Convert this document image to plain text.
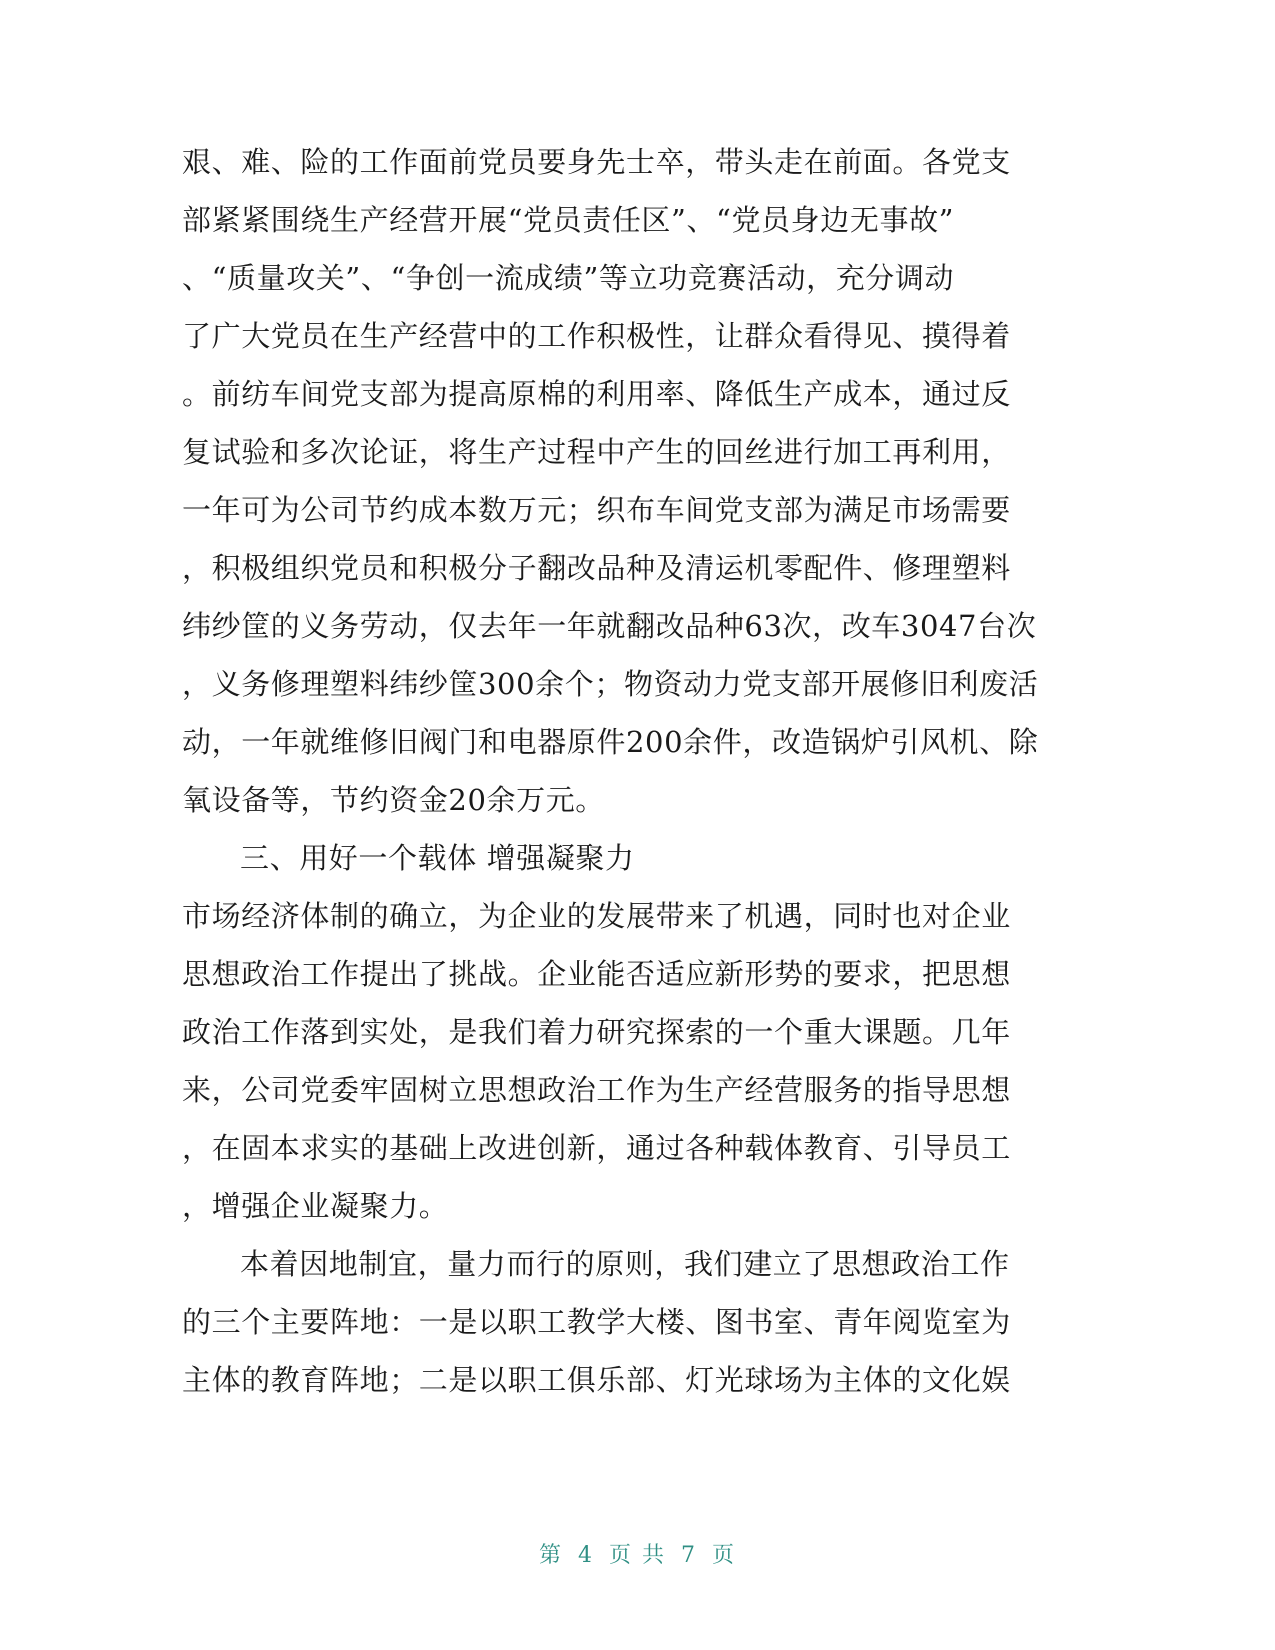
艰、难、险的工作面前党员要身先士卒，带头走在前面。各党支
部紧紧围绕生产经营开展“党员责任区”、“党员身边无事故”
、“质量攻关”、“争创一流成绩”等立功竞赛活动，充分调动
了广大党员在生产经营中的工作积极性，让群众看得见、摸得着
。前纺车间党支部为提高原棉的利用率、降低生产成本，通过反
复试验和多次论证，将生产过程中产生的回丝进行加工再利用，
一年可为公司节约成本数万元；织布车间党支部为满足市场需要
，积极组织党员和积极分子翻改品种及清运机零配件、修理塑料
纬纱筐的义务劳动，仅去年一年就翻改品种63次，改车3047台次
，义务修理塑料纬纱筐300余个；物资动力党支部开展修旧利废活
动，一年就维修旧阀门和电器原件200余件，改造锅炉引风机、除
氧设备等，节约资金20余万元。
三、用好一个载体 增强凝聚力
市场经济体制的确立，为企业的发展带来了机遇，同时也对企业
思想政治工作提出了挑战。企业能否适应新形势的要求，把思想
政治工作落到实处，是我们着力研究探索的一个重大课题。几年
来，公司党委牢固树立思想政治工作为生产经营服务的指导思想
，在固本求实的基础上改进创新，通过各种载体教育、引导员工
，增强企业凝聚力。
本着因地制宜，量力而行的原则，我们建立了思想政治工作
的三个主要阵地：一是以职工教学大楼、图书室、青年阅览室为
主体的教育阵地；二是以职工俱乐部、灯光球场为主体的文化娱
第 4 页 共 7 页
